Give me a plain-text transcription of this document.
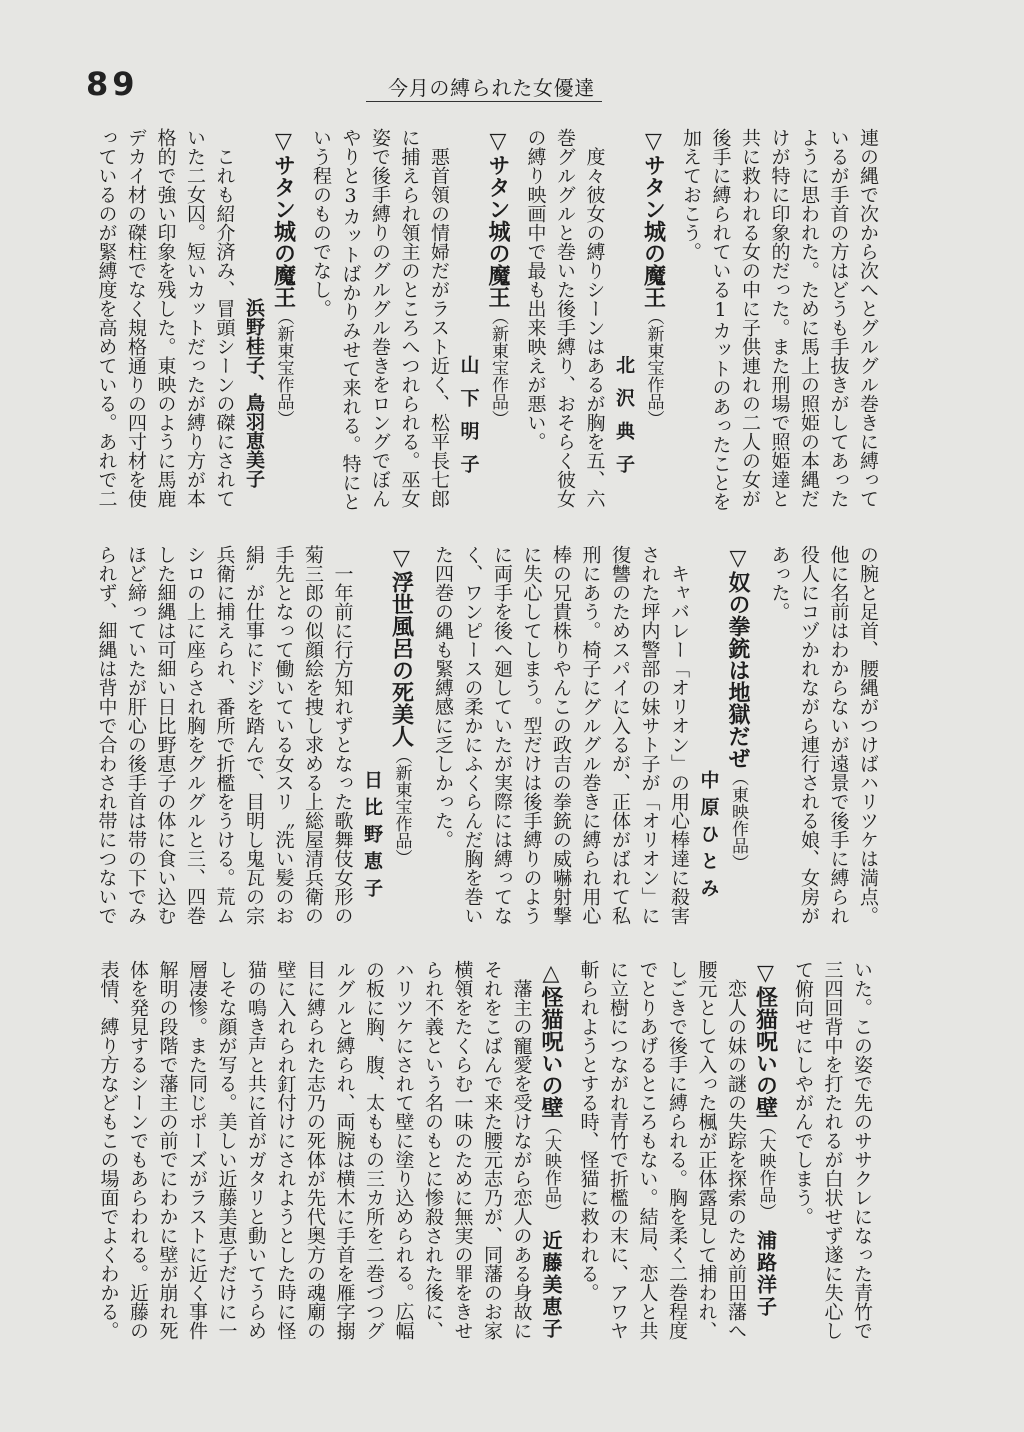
89	今月の縛られた女優達
連の縄で次から次へとグルグル巻きに縛って
いるが手首の方はどうも手抜きがしてあった
ように思われた。ために馬上の照姫の本縄だ
けが特に印象的だった。また刑場で照姫達と
共に救われる女の中に子供連れの二人の女が
後手に縛られている1カットのあったことを
加えておこう。
▽サタン城の魔王（新東宝作品）
北沢典子
度々彼女の縛りシーンはあるが胸を五、六
巻グルグルと巻いた後手縛り、おそらく彼女
の縛り映画中で最も出来映えが悪い。
▽サタン城の魔王（新東宝作品）
山下明子
悪首領の情婦だがラスト近く、松平長七郎
に捕えられ領主のところへつれられる。巫女
姿で後手縛りのグルグル巻きをロングでぼん
やりと3カットばかりみせて来れる。特にと
いう程のものでなし。
▽サタン城の魔王（新東宝作品）
浜野桂子、鳥羽恵美子
これも紹介済み、冒頭シーンの磔にされて
いた二女囚。短いカットだったが縛り方が本
格的で強い印象を残した。東映のように馬鹿
デカイ材の磔柱でなく規格通りの四寸材を使
っているのが緊縛度を高めている。あれで二
の腕と足首、腰縄がつけばハリツケは満点。
他に名前はわからないが遠景で後手に縛られ
役人にコヅかれながら連行される娘、女房が
あった。
▽奴の拳銃は地獄だぜ（東映作品）
中原ひとみ
キャバレー「オリオン」の用心棒達に殺害
された坪内警部の妹サト子が「オリオン」に
復讐のためスパイに入るが、正体がばれて私
刑にあう。椅子にグルグル巻きに縛られ用心
棒の兄貴株りやんこの政吉の拳銃の威嚇射撃
に失心してしまう。型だけは後手縛りのよう
に両手を後へ廻していたが実際には縛ってな
く、ワンピースの柔かにふくらんだ胸を巻い
た四巻の縄も緊縛感に乏しかった。
▽浮世風呂の死美人（新東宝作品）
日比野恵子
一年前に行方知れずとなった歌舞伎女形の
菊三郎の似顔絵を捜し求める上総屋清兵衛の
手先となって働いている女スリ〝洗い髪のお
絹〟が仕事にドジを踏んで、目明し鬼瓦の宗
兵衛に捕えられ、番所で折檻をうける。荒ム
シロの上に座らされ胸をグルグルと三、四巻
した細縄は可細い日比野恵子の体に食い込む
ほど締っていたが肝心の後手首は帯の下でみ
られず、細縄は背中で合わされ帯につないで
いた。この姿で先のササクレになった青竹で
三四回背中を打たれるが白状せず遂に失心し
て俯向せにしやがんでしまう。
▽怪猫呪いの壁（大映作品）浦路洋子
恋人の妹の謎の失踪を探索のため前田藩へ
腰元として入った楓が正体露見して捕われ、
しごきで後手に縛られる。胸を柔く二巻程度
でとりあげるところもない。結局、恋人と共
に立樹につながれ青竹で折檻の末に、アワヤ
斬られようとする時、怪猫に救われる。
△怪猫呪いの壁（大映作品）近藤美恵子
藩主の寵愛を受けながら恋人のある身故に
それをこばんで来た腰元志乃が、同藩のお家
横領をたくらむ一味のために無実の罪をきせ
られ不義という名のもとに惨殺された後に、
ハリツケにされて壁に塗り込められる。広幅
の板に胸、腹、太ももの三カ所を二巻づつグ
ルグルと縛られ、両腕は横木に手首を雁字搦
目に縛られた志乃の死体が先代奥方の魂廟の
壁に入れられ釘付けにされようとした時に怪
猫の鳴き声と共に首がガタリと動いてうらめ
しそな顔が写る。美しい近藤美恵子だけに一
層凄惨。また同じポーズがラストに近く事件
解明の段階で藩主の前でにわかに壁が崩れ死
体を発見するシーンでもあらわれる。近藤の
表情、縛り方などもこの場面でよくわかる。
